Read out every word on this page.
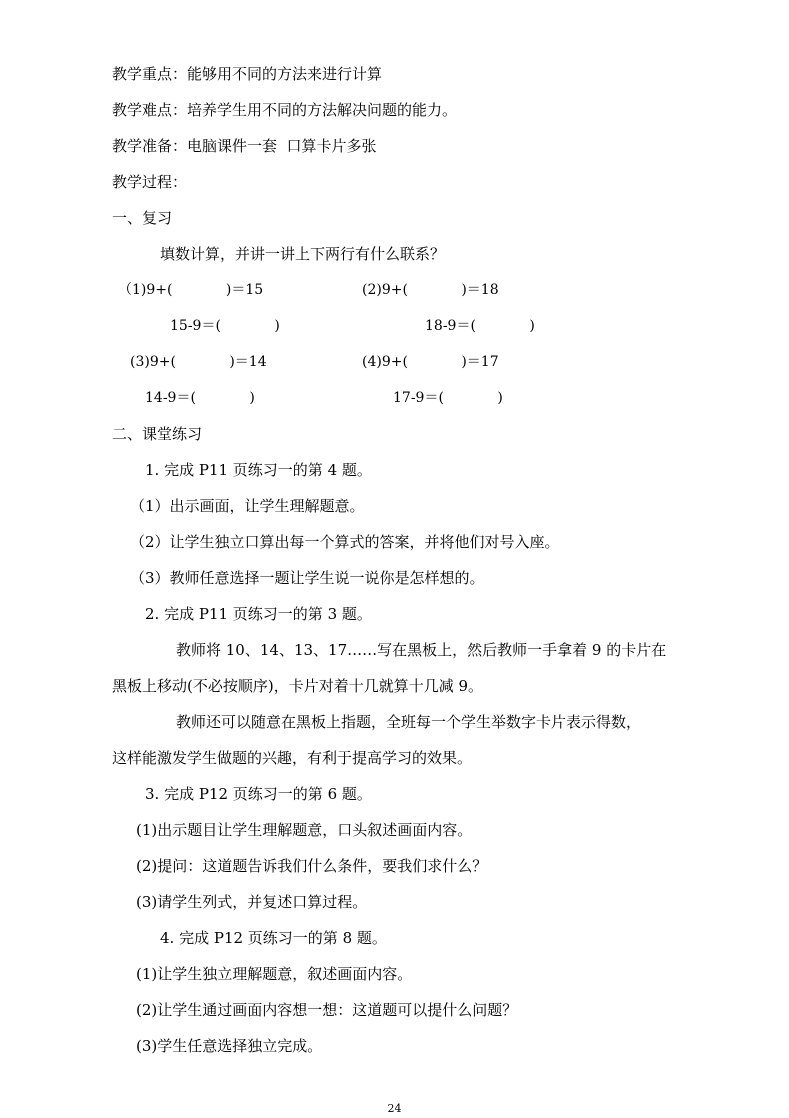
教学重点：能够用不同的方法来进行计算
教学难点：培养学生用不同的方法解决问题的能力。
教学准备：电脑课件一套  口算卡片多张
教学过程：
一、复习
填数计算，并讲一讲上下两行有什么联系？
（1)9+(            )＝15	(2)9+(            )＝18
15-9＝(            )	18-9＝(            )
(3)9+(            )＝14	(4)9+(            )＝17
14-9＝(            )	17-9＝(            )
二、课堂练习
1. 完成 P11 页练习一的第 4 题。
（1）出示画面，让学生理解题意。
（2）让学生独立口算出每一个算式的答案，并将他们对号入座。
（3）教师任意选择一题让学生说一说你是怎样想的。
2. 完成 P11 页练习一的第 3 题。
教师将 10、14、13、17……写在黑板上，然后教师一手拿着 9 的卡片在
黑板上移动(不必按顺序)，卡片对着十几就算十几减 9。
教师还可以随意在黑板上指题，全班每一个学生举数字卡片表示得数，
这样能激发学生做题的兴趣，有利于提高学习的效果。
3. 完成 P12 页练习一的第 6 题。
(1)出示题目让学生理解题意，口头叙述画面内容。
(2)提问：这道题告诉我们什么条件，要我们求什么？
(3)请学生列式，并复述口算过程。
4. 完成 P12 页练习一的第 8 题。
(1)让学生独立理解题意，叙述画面内容。
(2)让学生通过画面内容想一想：这道题可以提什么问题？
(3)学生任意选择独立完成。
24
